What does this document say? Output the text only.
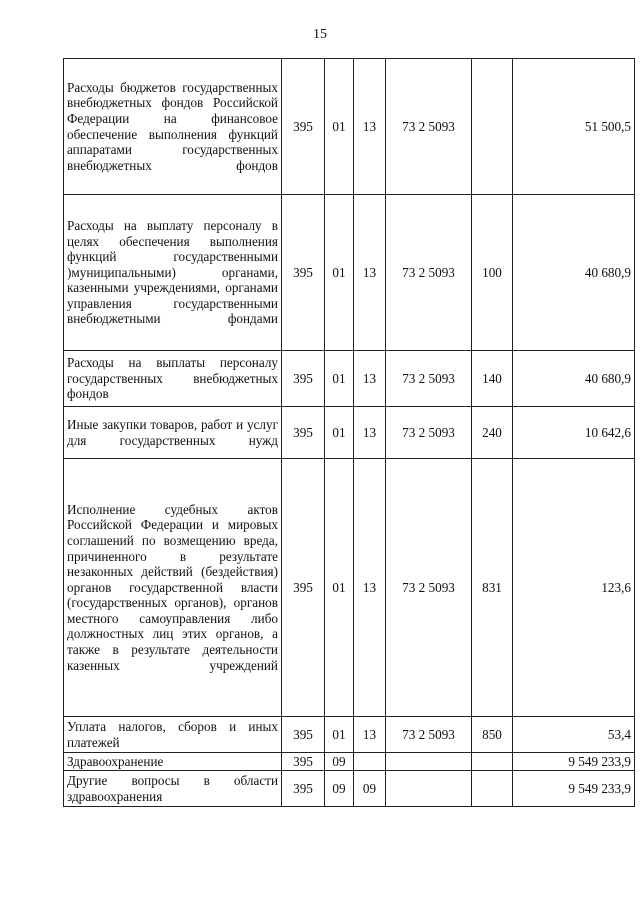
15
Расходы бюджетов государственных внебюджетных фондов Российской Федерации на финансовое обеспечение выполнения функций аппаратами государственных внебюджетных фондов	395	01	13	73 2 5093		51 500,5

Расходы на выплату персоналу в целях обеспечения выполнения функций государственными )муниципальными) органами, казенными учреждениями, органами управления государственными внебюджетными фондами	395	01	13	73 2 5093	100	40 680,9

Расходы на выплаты персоналу государственных внебюджетных фондов	395	01	13	73 2 5093	140	40 680,9

Иные закупки товаров, работ и услуг для государственных нужд	395	01	13	73 2 5093	240	10 642,6

Исполнение судебных актов Российской Федерации и мировых соглашений по возмещению вреда, причиненного в результате незаконных действий (бездействия) органов государственной власти (государственных органов), органов местного самоуправления либо должностных лиц этих органов, а также в результате деятельности казенных учреждений	395	01	13	73 2 5093	831	123,6

Уплата налогов, сборов и иных платежей	395	01	13	73 2 5093	850	53,4

Здравоохранение	395	09				9 549 233,9

Другие вопросы в области здравоохранения	395	09	09			9 549 233,9
